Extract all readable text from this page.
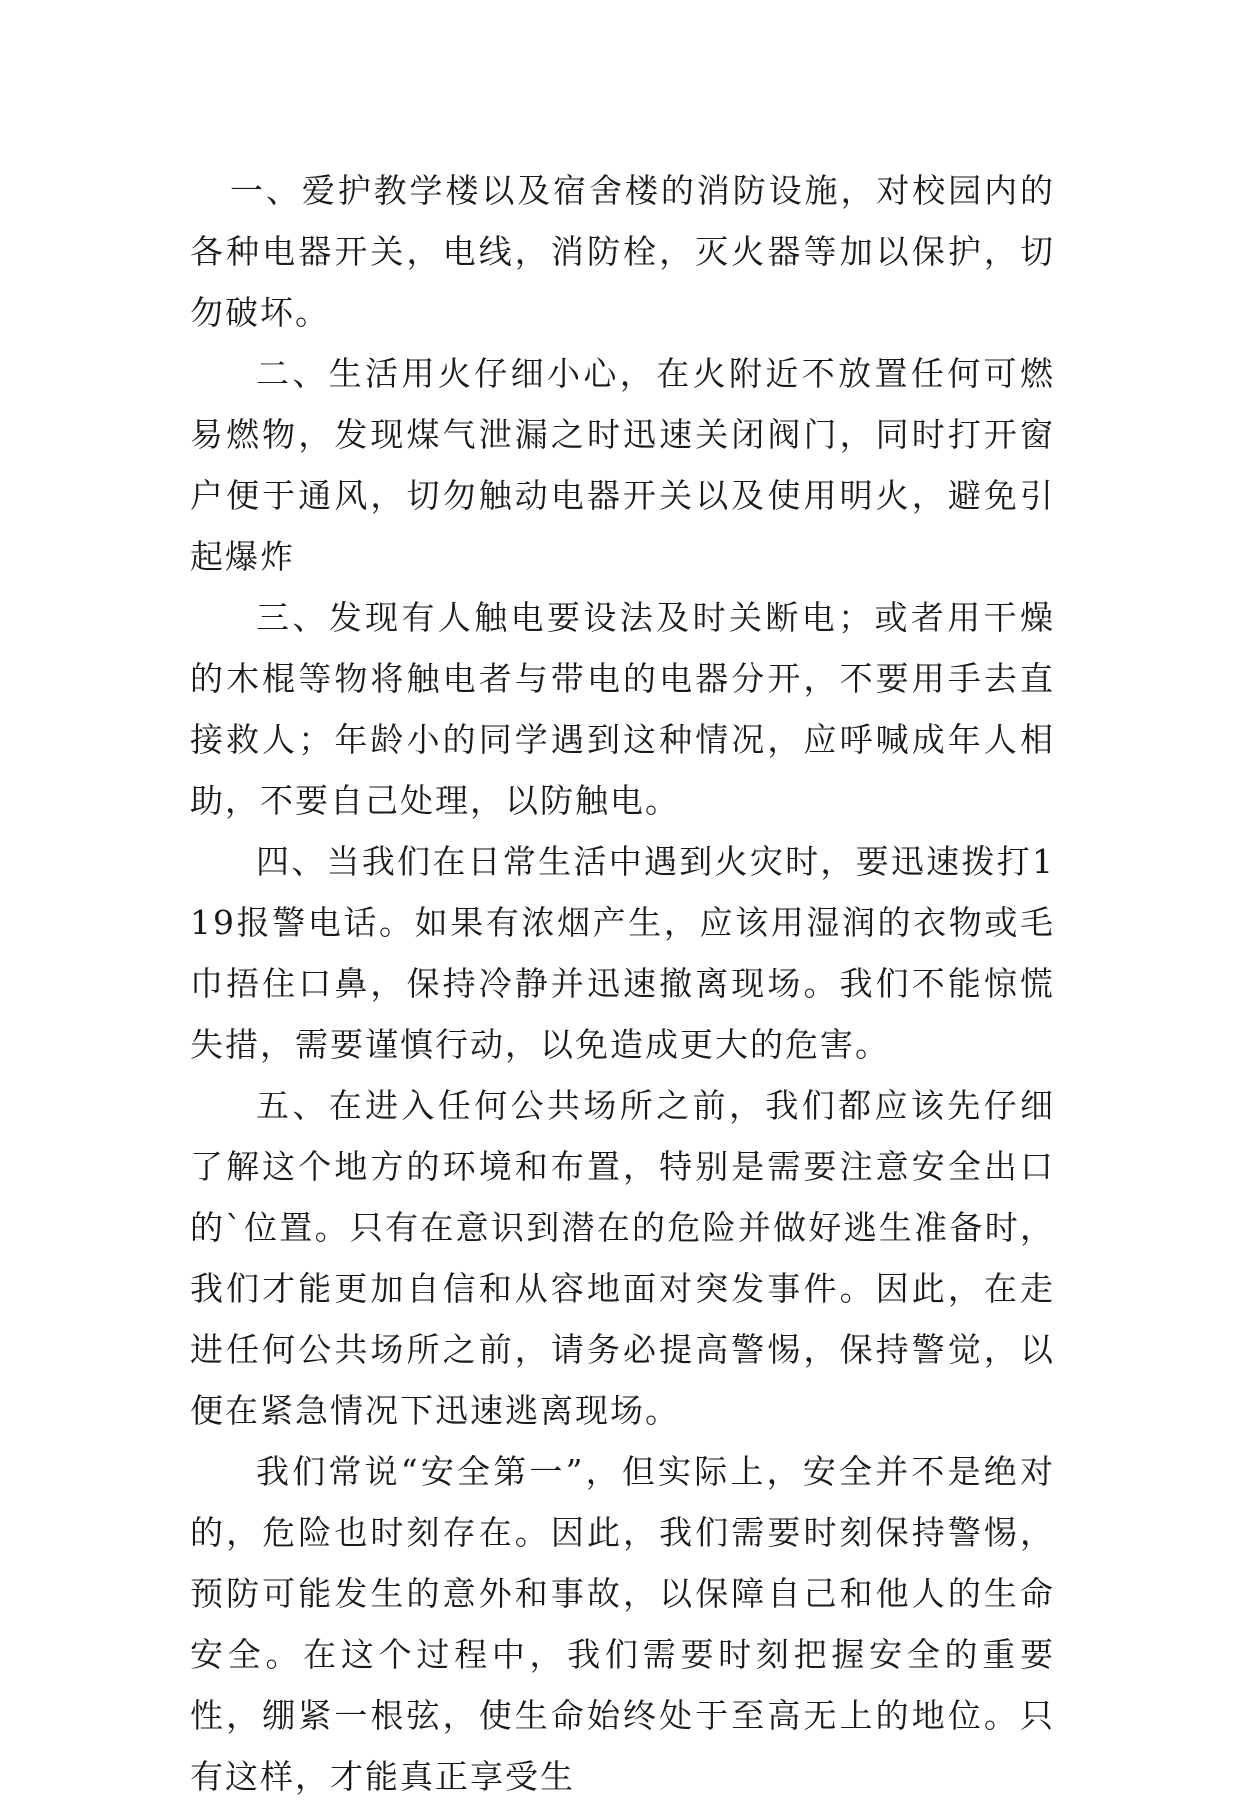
一、爱护教学楼以及宿舍楼的消防设施，对校园内的各种电器开关，电线，消防栓，灭火器等加以保护，切勿破坏。

二、生活用火仔细小心，在火附近不放置任何可燃易燃物，发现煤气泄漏之时迅速关闭阀门，同时打开窗户便于通风，切勿触动电器开关以及使用明火，避免引起爆炸

三、发现有人触电要设法及时关断电；或者用干燥的木棍等物将触电者与带电的电器分开，不要用手去直接救人；年龄小的同学遇到这种情况，应呼喊成年人相助，不要自己处理，以防触电。

四、当我们在日常生活中遇到火灾时，要迅速拨打119报警电话。如果有浓烟产生，应该用湿润的衣物或毛巾捂住口鼻，保持冷静并迅速撤离现场。我们不能惊慌失措，需要谨慎行动，以免造成更大的危害。

五、在进入任何公共场所之前，我们都应该先仔细了解这个地方的环境和布置，特别是需要注意安全出口的`位置。只有在意识到潜在的危险并做好逃生准备时，我们才能更加自信和从容地面对突发事件。因此，在走进任何公共场所之前，请务必提高警惕，保持警觉，以便在紧急情况下迅速逃离现场。

我们常说“安全第一”，但实际上，安全并不是绝对的，危险也时刻存在。因此，我们需要时刻保持警惕，预防可能发生的意外和事故，以保障自己和他人的生命安全。在这个过程中，我们需要时刻把握安全的重要性，绷紧一根弦，使生命始终处于至高无上的地位。只有这样，才能真正享受生
